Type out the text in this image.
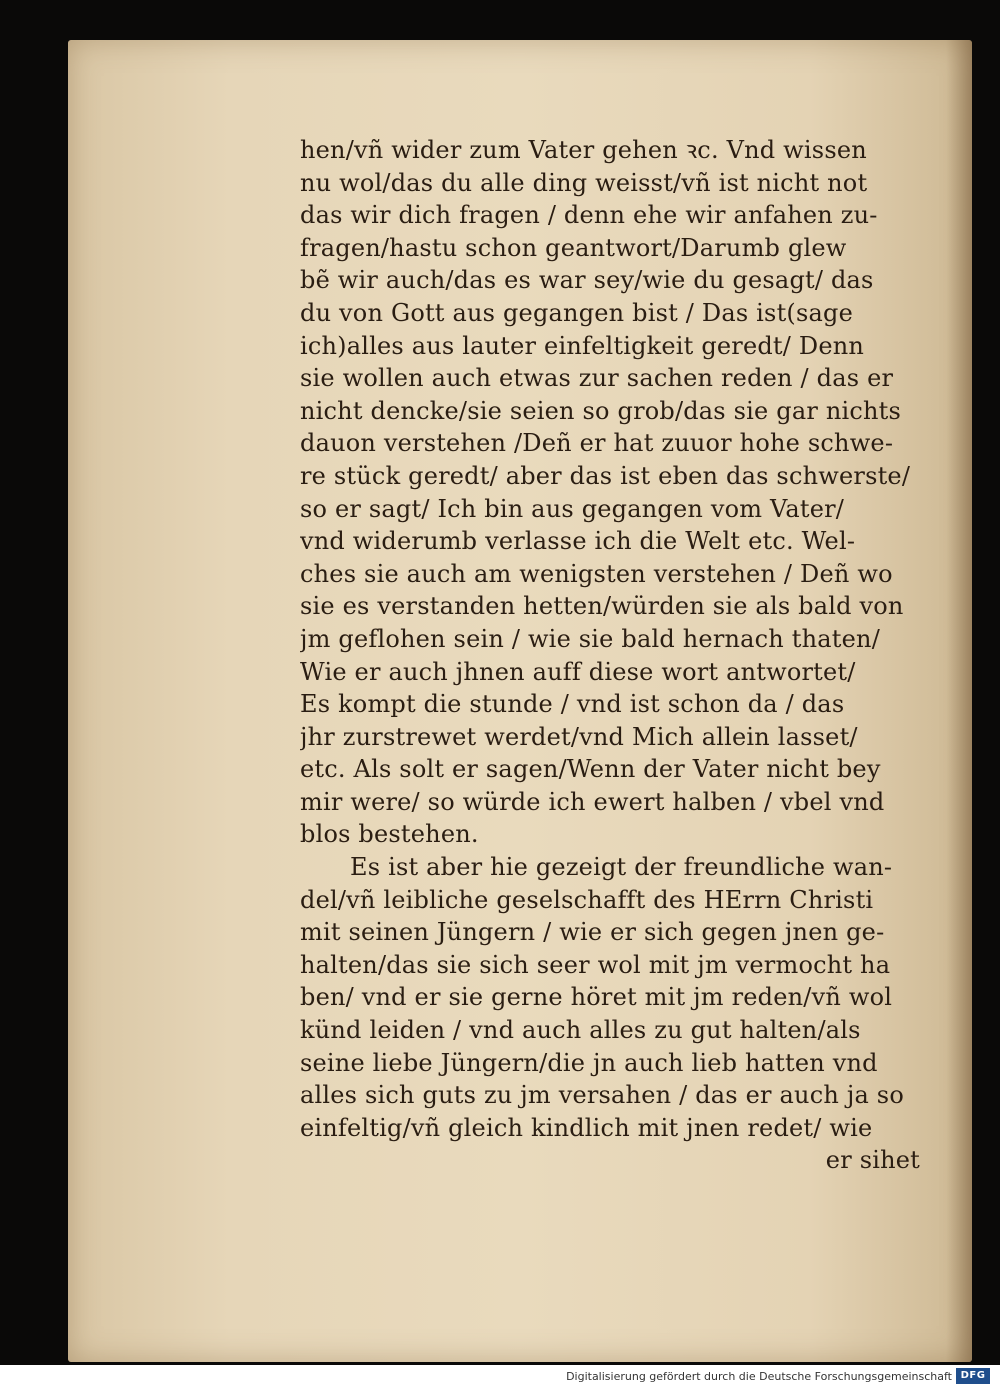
hen/vñ wider zum Vater gehen ꝛc. Vnd wissen
nu wol/das du alle ding weisst/vñ ist nicht not
das wir dich fragen / denn ehe wir anfahen zu-
fragen/hastu schon geantwort/Darumb glew
bẽ wir auch/das es war sey/wie du gesagt/ das
du von Gott aus gegangen bist / Das ist(sage
ich)alles aus lauter einfeltigkeit geredt/ Denn
sie wollen auch etwas zur sachen reden / das er
nicht dencke/sie seien so grob/das sie gar nichts
dauon verstehen /Deñ er hat zuuor hohe schwe-
re stück geredt/ aber das ist eben das schwerste/
so er sagt/ Ich bin aus gegangen vom Vater/
vnd widerumb verlasse ich die Welt etc. Wel-
ches sie auch am wenigsten verstehen / Deñ wo
sie es verstanden hetten/würden sie als bald von
jm geflohen sein / wie sie bald hernach thaten/
Wie er auch jhnen auff diese wort antwortet/
Es kompt die stunde / vnd ist schon da / das
jhr zurstrewet werdet/vnd Mich allein lasset/
etc. Als solt er sagen/Wenn der Vater nicht bey
mir were/ so würde ich ewert halben / vbel vnd
blos bestehen.
Es ist aber hie gezeigt der freundliche wan-
del/vñ leibliche geselschafft des HErrn Christi
mit seinen Jüngern / wie er sich gegen jnen ge-
halten/das sie sich seer wol mit jm vermocht ha
ben/ vnd er sie gerne höret mit jm reden/vñ wol
künd leiden / vnd auch alles zu gut halten/als
seine liebe Jüngern/die jn auch lieb hatten vnd
alles sich guts zu jm versahen / das er auch ja so
einfeltig/vñ gleich kindlich mit jnen redet/ wie
er sihet
Digitalisierung gefördert durch die Deutsche Forschungsgemeinschaft DFG
